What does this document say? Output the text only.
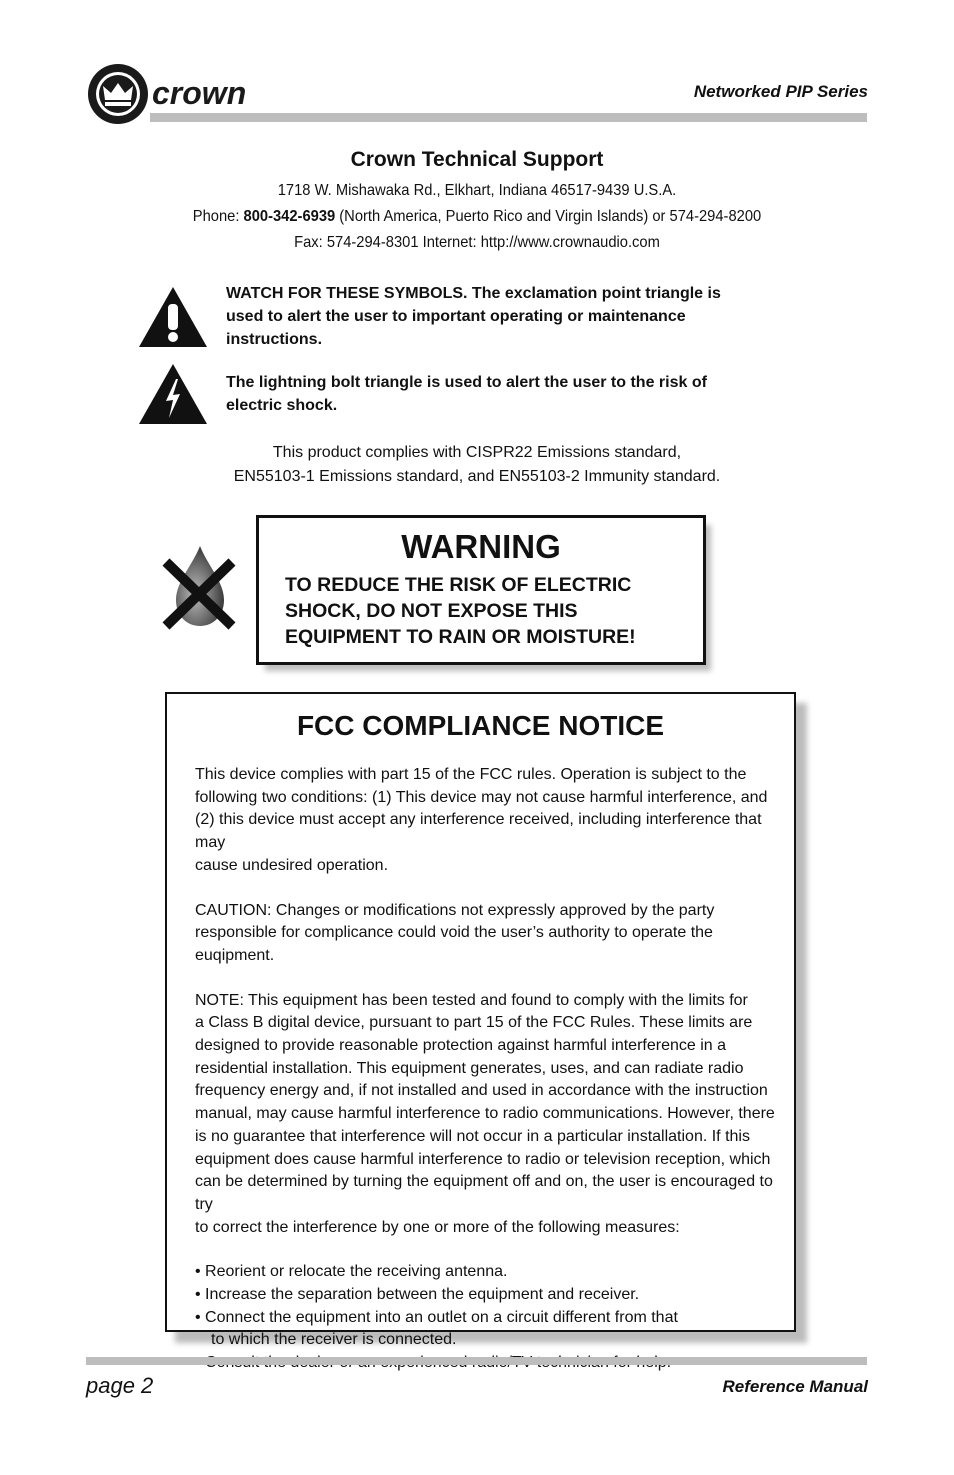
crown	Networked PIP Series
Crown Technical Support
1718 W. Mishawaka Rd., Elkhart, Indiana 46517-9439 U.S.A.
Phone: 800-342-6939 (North America, Puerto Rico and Virgin Islands) or 574-294-8200
Fax: 574-294-8301 Internet: http://www.crownaudio.com
WATCH FOR THESE SYMBOLS. The exclamation point triangle is used to alert the user to important operating or maintenance instructions.
The lightning bolt triangle is used to alert the user to the risk of electric shock.
This product complies with CISPR22 Emissions standard,
EN55103-1 Emissions standard, and EN55103-2 Immunity standard.
WARNING
TO REDUCE THE RISK OF ELECTRIC SHOCK, DO NOT EXPOSE THIS EQUIPMENT TO RAIN OR MOISTURE!
FCC COMPLIANCE NOTICE

This device complies with part 15 of the FCC rules. Operation is subject to the
following two conditions: (1) This device may not cause harmful interference, and
(2) this device must accept any interference received, including interference that may
cause undesired operation.

CAUTION: Changes or modifications not expressly approved by the party
responsible for complicance could void the user’s authority to operate the euqipment.

NOTE: This equipment has been tested and found to comply with the limits for
a Class B digital device, pursuant to part 15 of the FCC Rules. These limits are
designed to provide reasonable protection against harmful interference in a
residential installation. This equipment generates, uses, and can radiate radio
frequency energy and, if not installed and used in accordance with the instruction
manual, may cause harmful interference to radio communications. However, there
is no guarantee that interference will not occur in a particular installation. If this
equipment does cause harmful interference to radio or television reception, which
can be determined by turning the equipment off and on, the user is encouraged to try
to correct the interference by one or more of the following measures:

• Reorient or relocate the receiving antenna.
• Increase the separation between the equipment and receiver.
• Connect the equipment into an outlet on a circuit different from that
to which the receiver is connected.
page 2	Reference Manual
